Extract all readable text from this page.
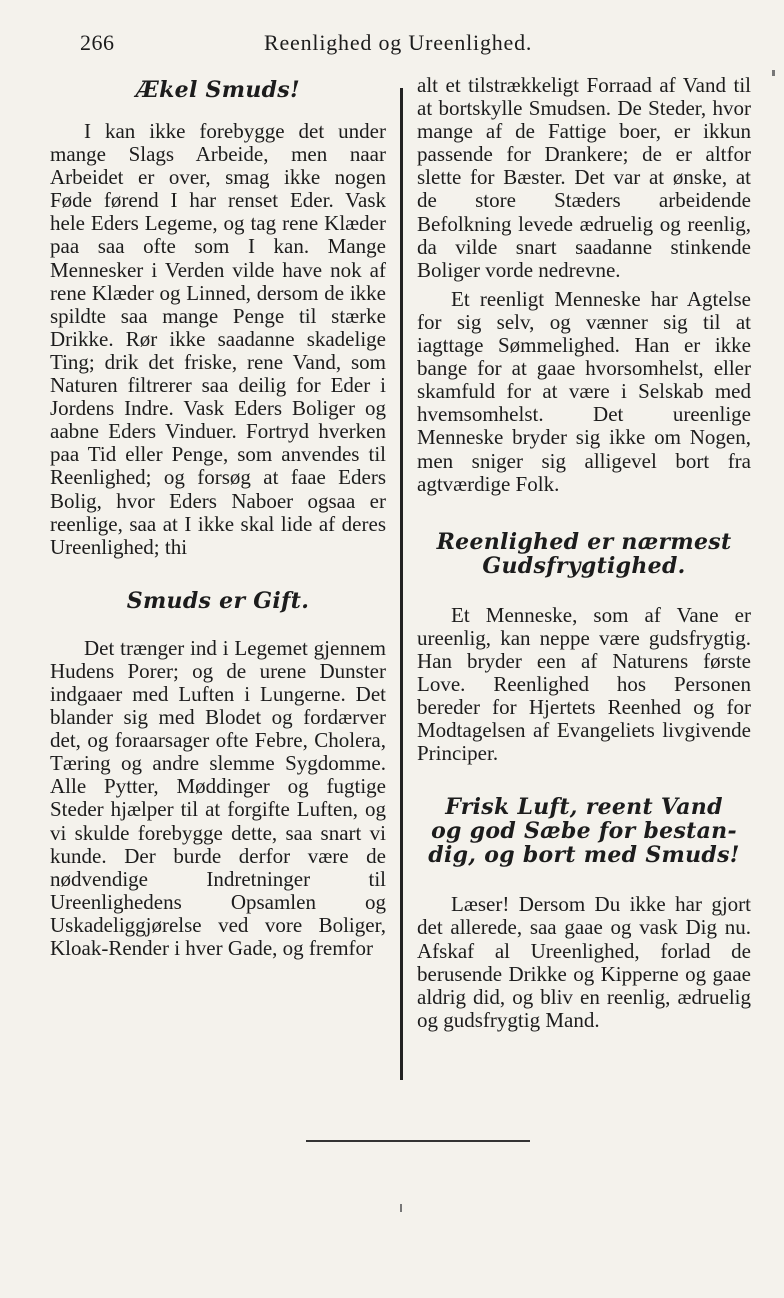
266	Reenlighed og Ureenlighed.
Ækel Smuds!

I kan ikke forebygge det under mange Slags Arbeide, men naar Arbeidet er over, smag ikke nogen Føde førend I har renset Eder. Vask hele Eders Legeme, og tag rene Klæder paa saa ofte som I kan. Mange Mennesker i Verden vilde have nok af rene Klæder og Linned, dersom de ikke spildte saa mange Penge til stærke Drikke. Rør ikke saadanne skadelige Ting; drik det friske, rene Vand, som Naturen filtrerer saa deilig for Eder i Jordens Indre. Vask Eders Boliger og aabne Eders Vinduer. Fortryd hverken paa Tid eller Penge, som anvendes til Reenlighed; og forsøg at faae Eders Bolig, hvor Eders Naboer ogsaa er reenlige, saa at I ikke skal lide af deres Ureenlighed; thi

Smuds er Gift.

Det trænger ind i Legemet gjennem Hudens Porer; og de urene Dunster indgaaer med Luften i Lungerne. Det blander sig med Blodet og fordærver det, og foraarsager ofte Febre, Cholera, Tæring og andre slemme Sygdomme. Alle Pytter, Møddinger og fugtige Steder hjælper til at forgifte Luften, og vi skulde forebygge dette, saa snart vi kunde. Der burde derfor være de nødvendige Indretninger til Ureenlighedens Opsamlen og Uskadeliggjørelse ved vore Boliger, Kloak-Render i hver Gade, og fremfor

alt et tilstrækkeligt Forraad af Vand til at bortskylle Smudsen. De Steder, hvor mange af de Fattige boer, er ikkun passende for Drankere; de er altfor slette for Bæster. Det var at ønske, at de store Stæders arbeidende Befolkning levede ædruelig og reenlig, da vilde snart saadanne stinkende Boliger vorde nedrevne.

Et reenligt Menneske har Agtelse for sig selv, og vænner sig til at iagttage Sømmelighed. Han er ikke bange for at gaae hvorsomhelst, eller skamfuld for at være i Selskab med hvemsomhelst. Det ureenlige Menneske bryder sig ikke om Nogen, men sniger sig alligevel bort fra agtværdige Folk.

Reenlighed er nærmest
Gudsfrygtighed.

Et Menneske, som af Vane er ureenlig, kan neppe være gudsfrygtig. Han bryder een af Naturens første Love. Reenlighed hos Personen bereder for Hjertets Reenhed og for Modtagelsen af Evangeliets livgivende Principer.

Frisk Luft, reent Vand
og god Sæbe for bestan-
dig, og bort med Smuds!

Læser! Dersom Du ikke har gjort det allerede, saa gaae og vask Dig nu. Afskaf al Ureenlighed, forlad de berusende Drikke og Kipperne og gaae aldrig did, og bliv en reenlig, ædruelig og gudsfrygtig Mand.
